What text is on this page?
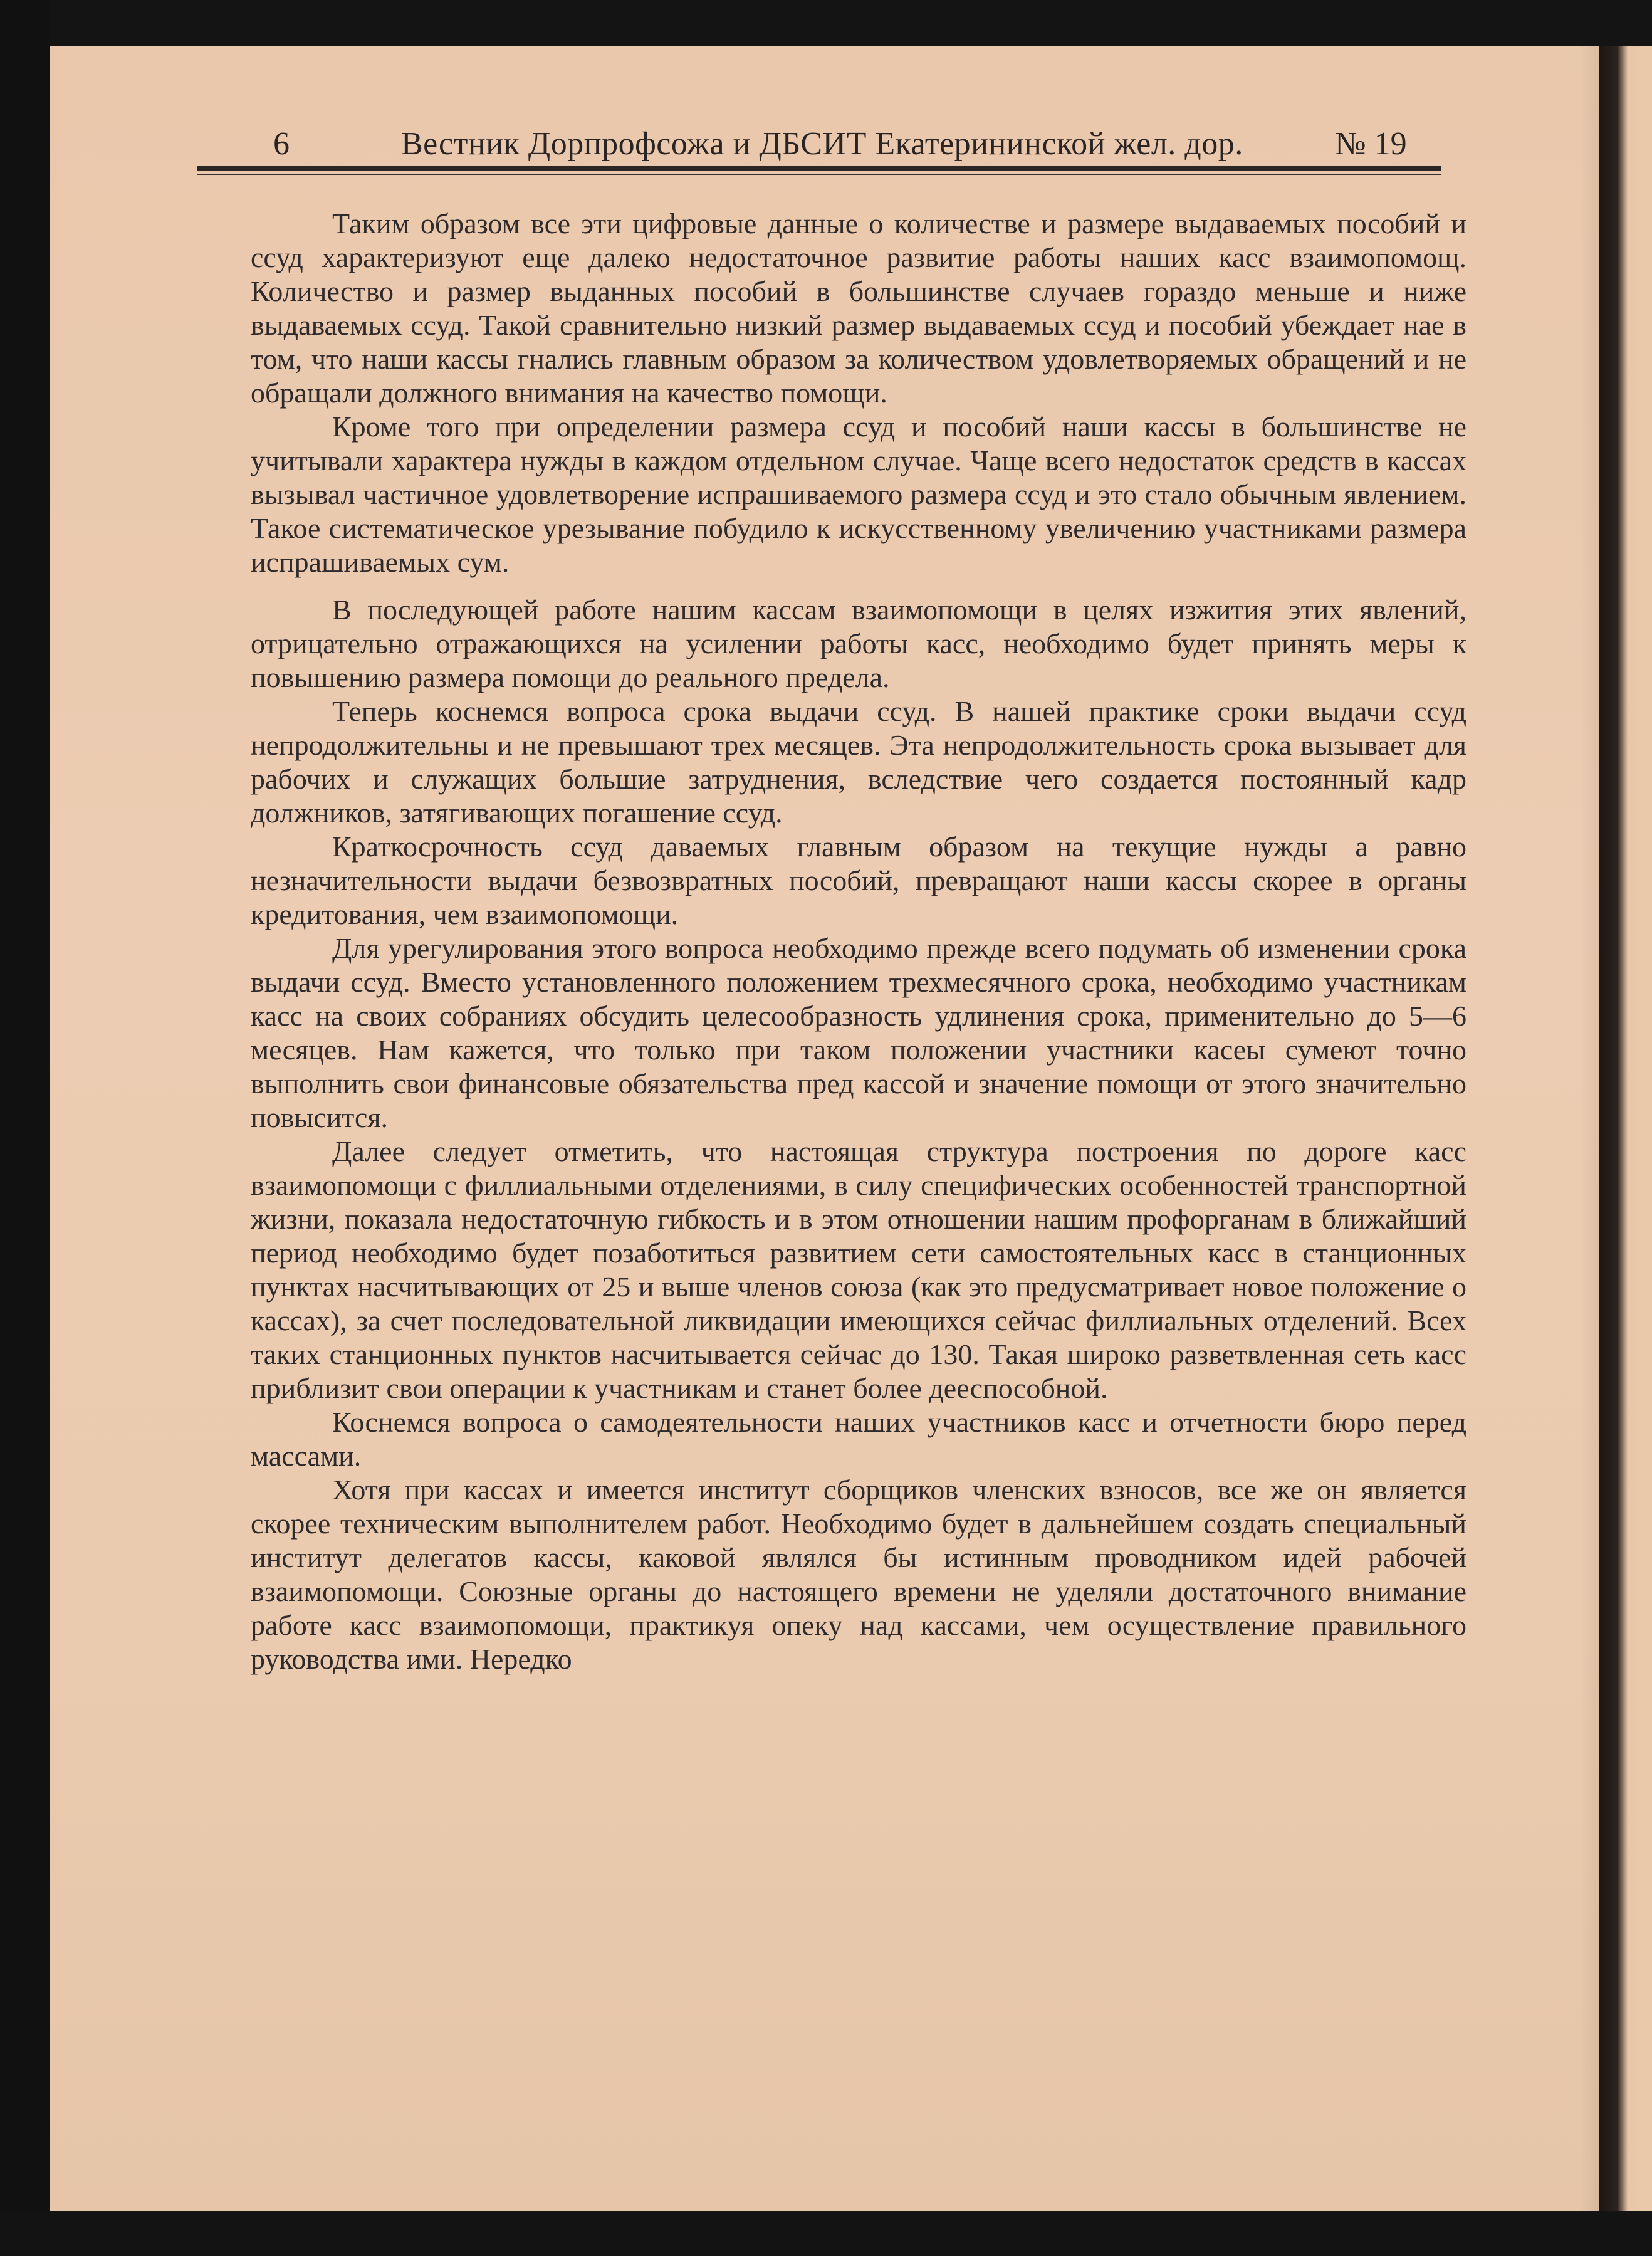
6	Вестник Дорпрофсожа и ДБСИТ Екатерининской жел. дор.	№ 19

Таким образом все эти цифровые данные о количестве и размере выдаваемых пособий и ссуд характеризуют еще далеко недостаточное развитие работы наших касс взаимопомощ. Количество и размер выданных пособий в большинстве случаев гораздо меньше и ниже выдаваемых ссуд. Такой сравнительно низкий размер выдаваемых ссуд и пособий убеждает нае в том, что наши кассы гнались главным образом за количеством удовлетворяемых обращений и не обращали должного внимания на качество помощи.

Кроме того при определении размера ссуд и пособий наши кассы в большинстве не учитывали характера нужды в каждом отдельном случае. Чаще всего недостаток средств в кассах вызывал частичное удовлетворение испрашиваемого размера ссуд и это стало обычным явлением. Такое систематическое урезывание побудило к искусственному увеличению участниками размера испрашиваемых сум.

В последующей работе нашим кассам взаимопомощи в целях изжития этих явлений, отрицательно отражающихся на усилении работы касс, необходимо будет принять меры к повышению размера помощи до реального предела.

Теперь коснемся вопроса срока выдачи ссуд. В нашей практике сроки выдачи ссуд непродолжительны и не превышают трех месяцев. Эта непродолжительность срока вызывает для рабочих и служащих большие затруднения, вследствие чего создается постоянный кадр должников, затягивающих погашение ссуд.

Краткосрочность ссуд даваемых главным образом на текущие нужды а равно незначительности выдачи безвозвратных пособий, превращают наши кассы скорее в органы кредитования, чем взаимопомощи.

Для урегулирования этого вопроса необходимо прежде всего подумать об изменении срока выдачи ссуд. Вместо установленного положением трехмесячного срока, необходимо участникам касс на своих собраниях обсудить целесообразность удлинения срока, применительно до 5—6 месяцев. Нам кажется, что только при таком положении участники касеы сумеют точно выполнить свои финансовые обязательства пред кассой и значение помощи от этого значительно повысится.

Далее следует отметить, что настоящая структура построения по дороге касс взаимопомощи с филлиальными отделениями, в силу специфических особенностей транспортной жизни, показала недостаточную гибкость и в этом отношении нашим профорганам в ближайший период необходимо будет позаботиться развитием сети самостоятельных касс в станционных пунктах насчитывающих от 25 и выше членов союза (как это предусматривает новое положение о кассах), за счет последовательной ликвидации имеющихся сейчас филлиальных отделений. Всех таких станционных пунктов насчитывается сейчас до 130. Такая широко разветвленная сеть касс приблизит свои операции к участникам и станет более дееспособной.

Коснемся вопроса о самодеятельности наших участников касс и отчетности бюро перед массами.

Хотя при кассах и имеется институт сборщиков членских взносов, все же он является скорее техническим выполнителем работ. Необходимо будет в дальнейшем создать специальный институт делегатов кассы, каковой являлся бы истинным проводником идей рабочей взаимопомощи. Союзные органы до настоящего времени не уделяли достаточного внимание работе касс взаимопомощи, практикуя опеку над кассами, чем осуществление правильного руководства ими. Нередко
